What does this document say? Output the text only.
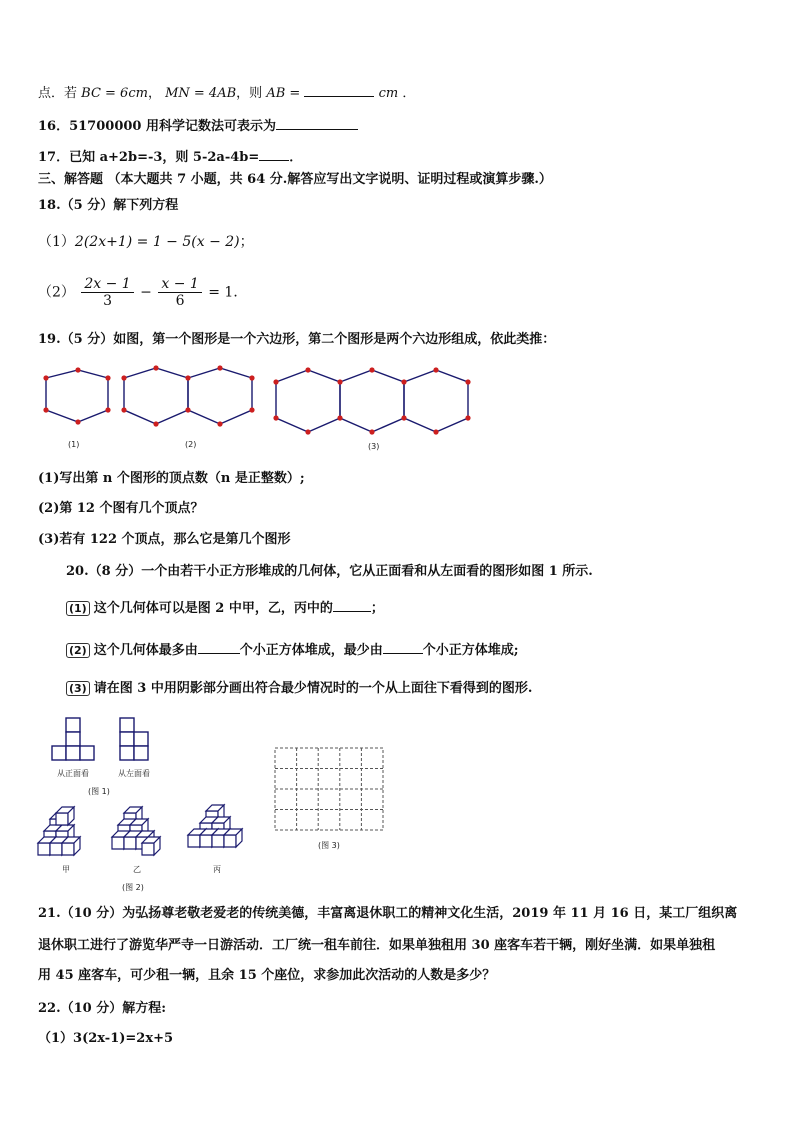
点．若 BC = 6cm， MN = 4AB，则 AB =	cm ．
16．51700000 用科学记数法可表示为
17．已知 a+2b=-3，则 5-2a-4b= ．
三、解答题 （本大题共 7 小题，共 64 分.解答应写出文字说明、证明过程或演算步骤.）
18.（5 分）解下列方程
（1）2(2x+1) = 1 − 5(x − 2)；
$(2) \frac{2x - 1}{3} - \frac{x - 1}{6} = 1$．
19.（5 分）如图，第一个图形是一个六边形，第二个图形是两个六边形组成，依此类推：
(1)	(2)	(3)
(1)写出第 n 个图形的顶点数（n 是正整数）;
(2)第 12 个图有几个顶点？
(3)若有 122 个顶点，那么它是第几个图形
20.（8 分）一个由若干小正方形堆成的几何体，它从正面看和从左面看的图形如图 1 所示.
(1) 这个几何体可以是图 2 中甲，乙，丙中的	；
(2) 这个几何体最多由	个小正方体堆成，最少由	个小正方体堆成;
(3) 请在图 3 中用阴影部分画出符合最少情况时的一个从上面往下看得到的图形.
从正面看	从左面看
(图 1)
甲	乙	丙
(图 2)
(图 3)
21.（10 分）为弘扬尊老敬老爱老的传统美德，丰富离退休职工的精神文化生活，2019 年 11 月 16 日，某工厂组织离
退休职工进行了游览华严寺一日游活动．工厂统一租车前往．如果单独租用 30 座客车若干辆，刚好坐满．如果单独租
用 45 座客车，可少租一辆，且余 15 个座位，求参加此次活动的人数是多少？
22.（10 分）解方程:
（1）3(2x-1)=2x+5
